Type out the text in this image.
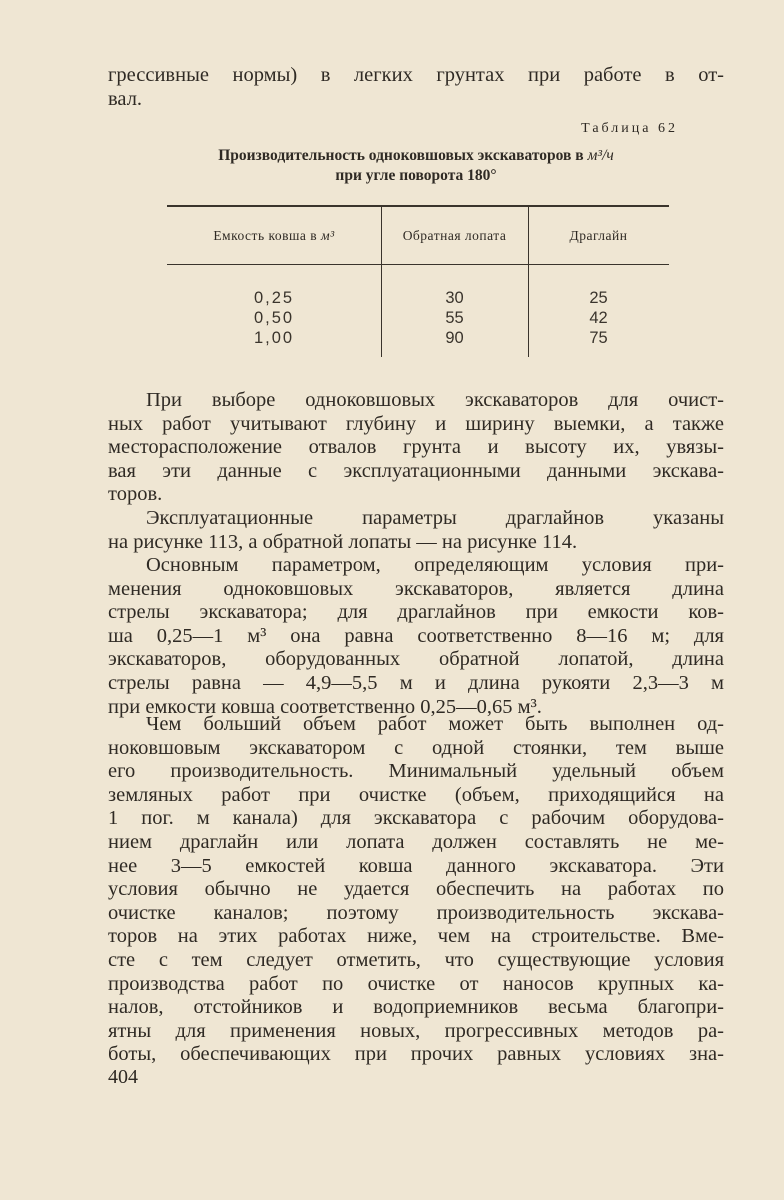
грессивные нормы) в легких грунтах при работе в от-
вал.
Таблица 62
Производительность одноковшовых экскаваторов в м³/ч
при угле поворота 180°
Емкость ковша в м³	Обратная лопата	Драглайн
0,25	30	25
0,50	55	42
1,00	90	75
При выборе одноковшовых экскаваторов для очист-
ных работ учитывают глубину и ширину выемки, а также
месторасположение отвалов грунта и высоту их, увязы-
вая эти данные с эксплуатационными данными экскава-
торов.
Эксплуатационные параметры драглайнов указаны
на рисунке 113, а обратной лопаты — на рисунке 114.
Основным параметром, определяющим условия при-
менения одноковшовых экскаваторов, является длина
стрелы экскаватора; для драглайнов при емкости ков-
ша 0,25—1 м³ она равна соответственно 8—16 м; для
экскаваторов, оборудованных обратной лопатой, длина
стрелы равна — 4,9—5,5 м и длина рукояти 2,3—3 м
при емкости ковша соответственно 0,25—0,65 м³.
Чем больший объем работ может быть выполнен од-
ноковшовым экскаватором с одной стоянки, тем выше
его производительность. Минимальный удельный объем
земляных работ при очистке (объем, приходящийся на
1 пог. м канала) для экскаватора с рабочим оборудова-
нием драглайн или лопата должен составлять не ме-
нее 3—5 емкостей ковша данного экскаватора. Эти
условия обычно не удается обеспечить на работах по
очистке каналов; поэтому производительность экскава-
торов на этих работах ниже, чем на строительстве. Вме-
сте с тем следует отметить, что существующие условия
производства работ по очистке от наносов крупных ка-
налов, отстойников и водоприемников весьма благопри-
ятны для применения новых, прогрессивных методов ра-
боты, обеспечивающих при прочих равных условиях зна-
404
